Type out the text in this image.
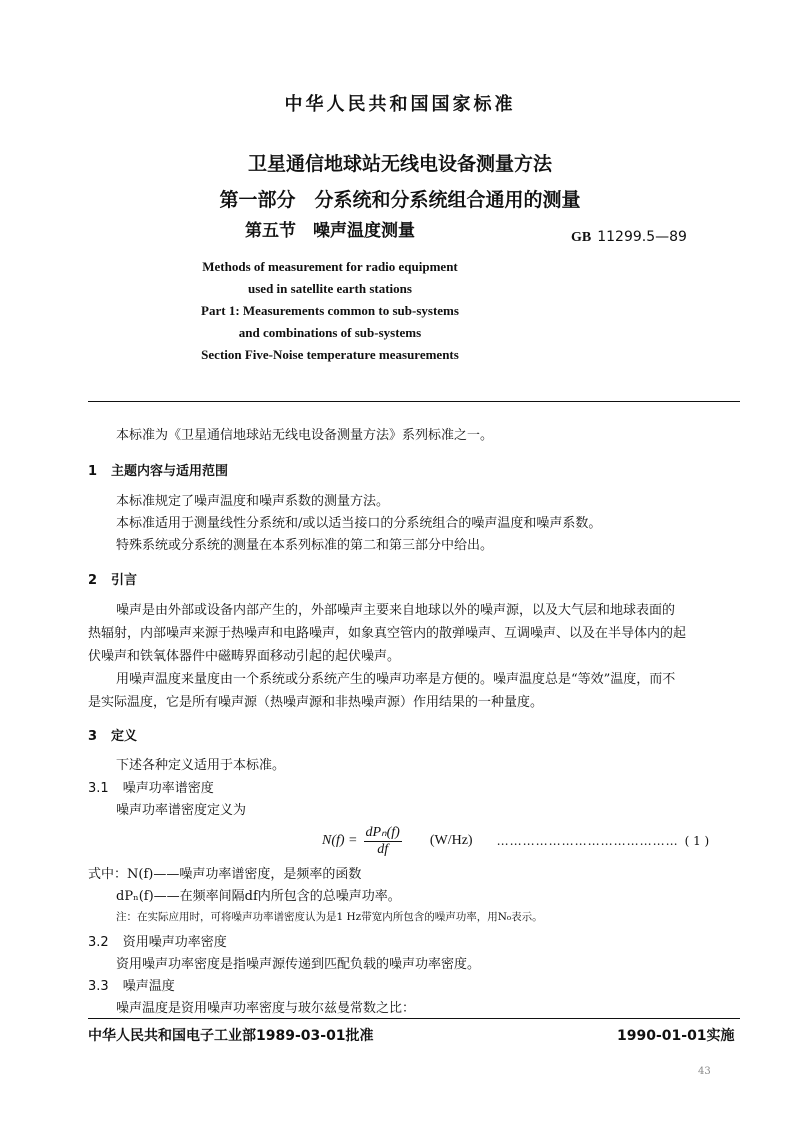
中华人民共和国国家标准
卫星通信地球站无线电设备测量方法
第一部分　分系统和分系统组合通用的测量
第五节　噪声温度测量	GB 11299.5—89
Methods of measurement for radio equipment
used in satellite earth stations
Part 1: Measurements common to sub-systems
and combinations of sub-systems
Section Five-Noise temperature measurements
本标准为《卫星通信地球站无线电设备测量方法》系列标准之一。
1 主题内容与适用范围
本标准规定了噪声温度和噪声系数的测量方法。
本标准适用于测量线性分系统和/或以适当接口的分系统组合的噪声温度和噪声系数。
特殊系统或分系统的测量在本系列标准的第二和第三部分中给出。
2 引言
噪声是由外部或设备内部产生的，外部噪声主要来自地球以外的噪声源，以及大气层和地球表面的
热辐射，内部噪声来源于热噪声和电路噪声，如象真空管内的散弹噪声、互调噪声、以及在半导体内的起
伏噪声和铁氧体器件中磁畴界面移动引起的起伏噪声。
用噪声温度来量度由一个系统或分系统产生的噪声功率是方便的。噪声温度总是“等效”温度，而不
是实际温度，它是所有噪声源（热噪声源和非热噪声源）作用结果的一种量度。
3 定义
下述各种定义适用于本标准。
3.1 噪声功率谱密度
噪声功率谱密度定义为
$N(f) = \frac{\text{dPₙ(f)}}{df} (W/Hz)$ …………………………………… ( 1 )
式中：N(f)——噪声功率谱密度，是频率的函数
dPₙ(f)——在频率间隔df内所包含的总噪声功率。
注：在实际应用时，可将噪声功率谱密度认为是1 Hz带宽内所包含的噪声功率，用N₀表示。
3.2 资用噪声功率密度
资用噪声功率密度是指噪声源传递到匹配负载的噪声功率密度。
3.3 噪声温度
噪声温度是资用噪声功率密度与玻尔兹曼常数之比：
中华人民共和国电子工业部1989-03-01批准	1990-01-01实施
43
